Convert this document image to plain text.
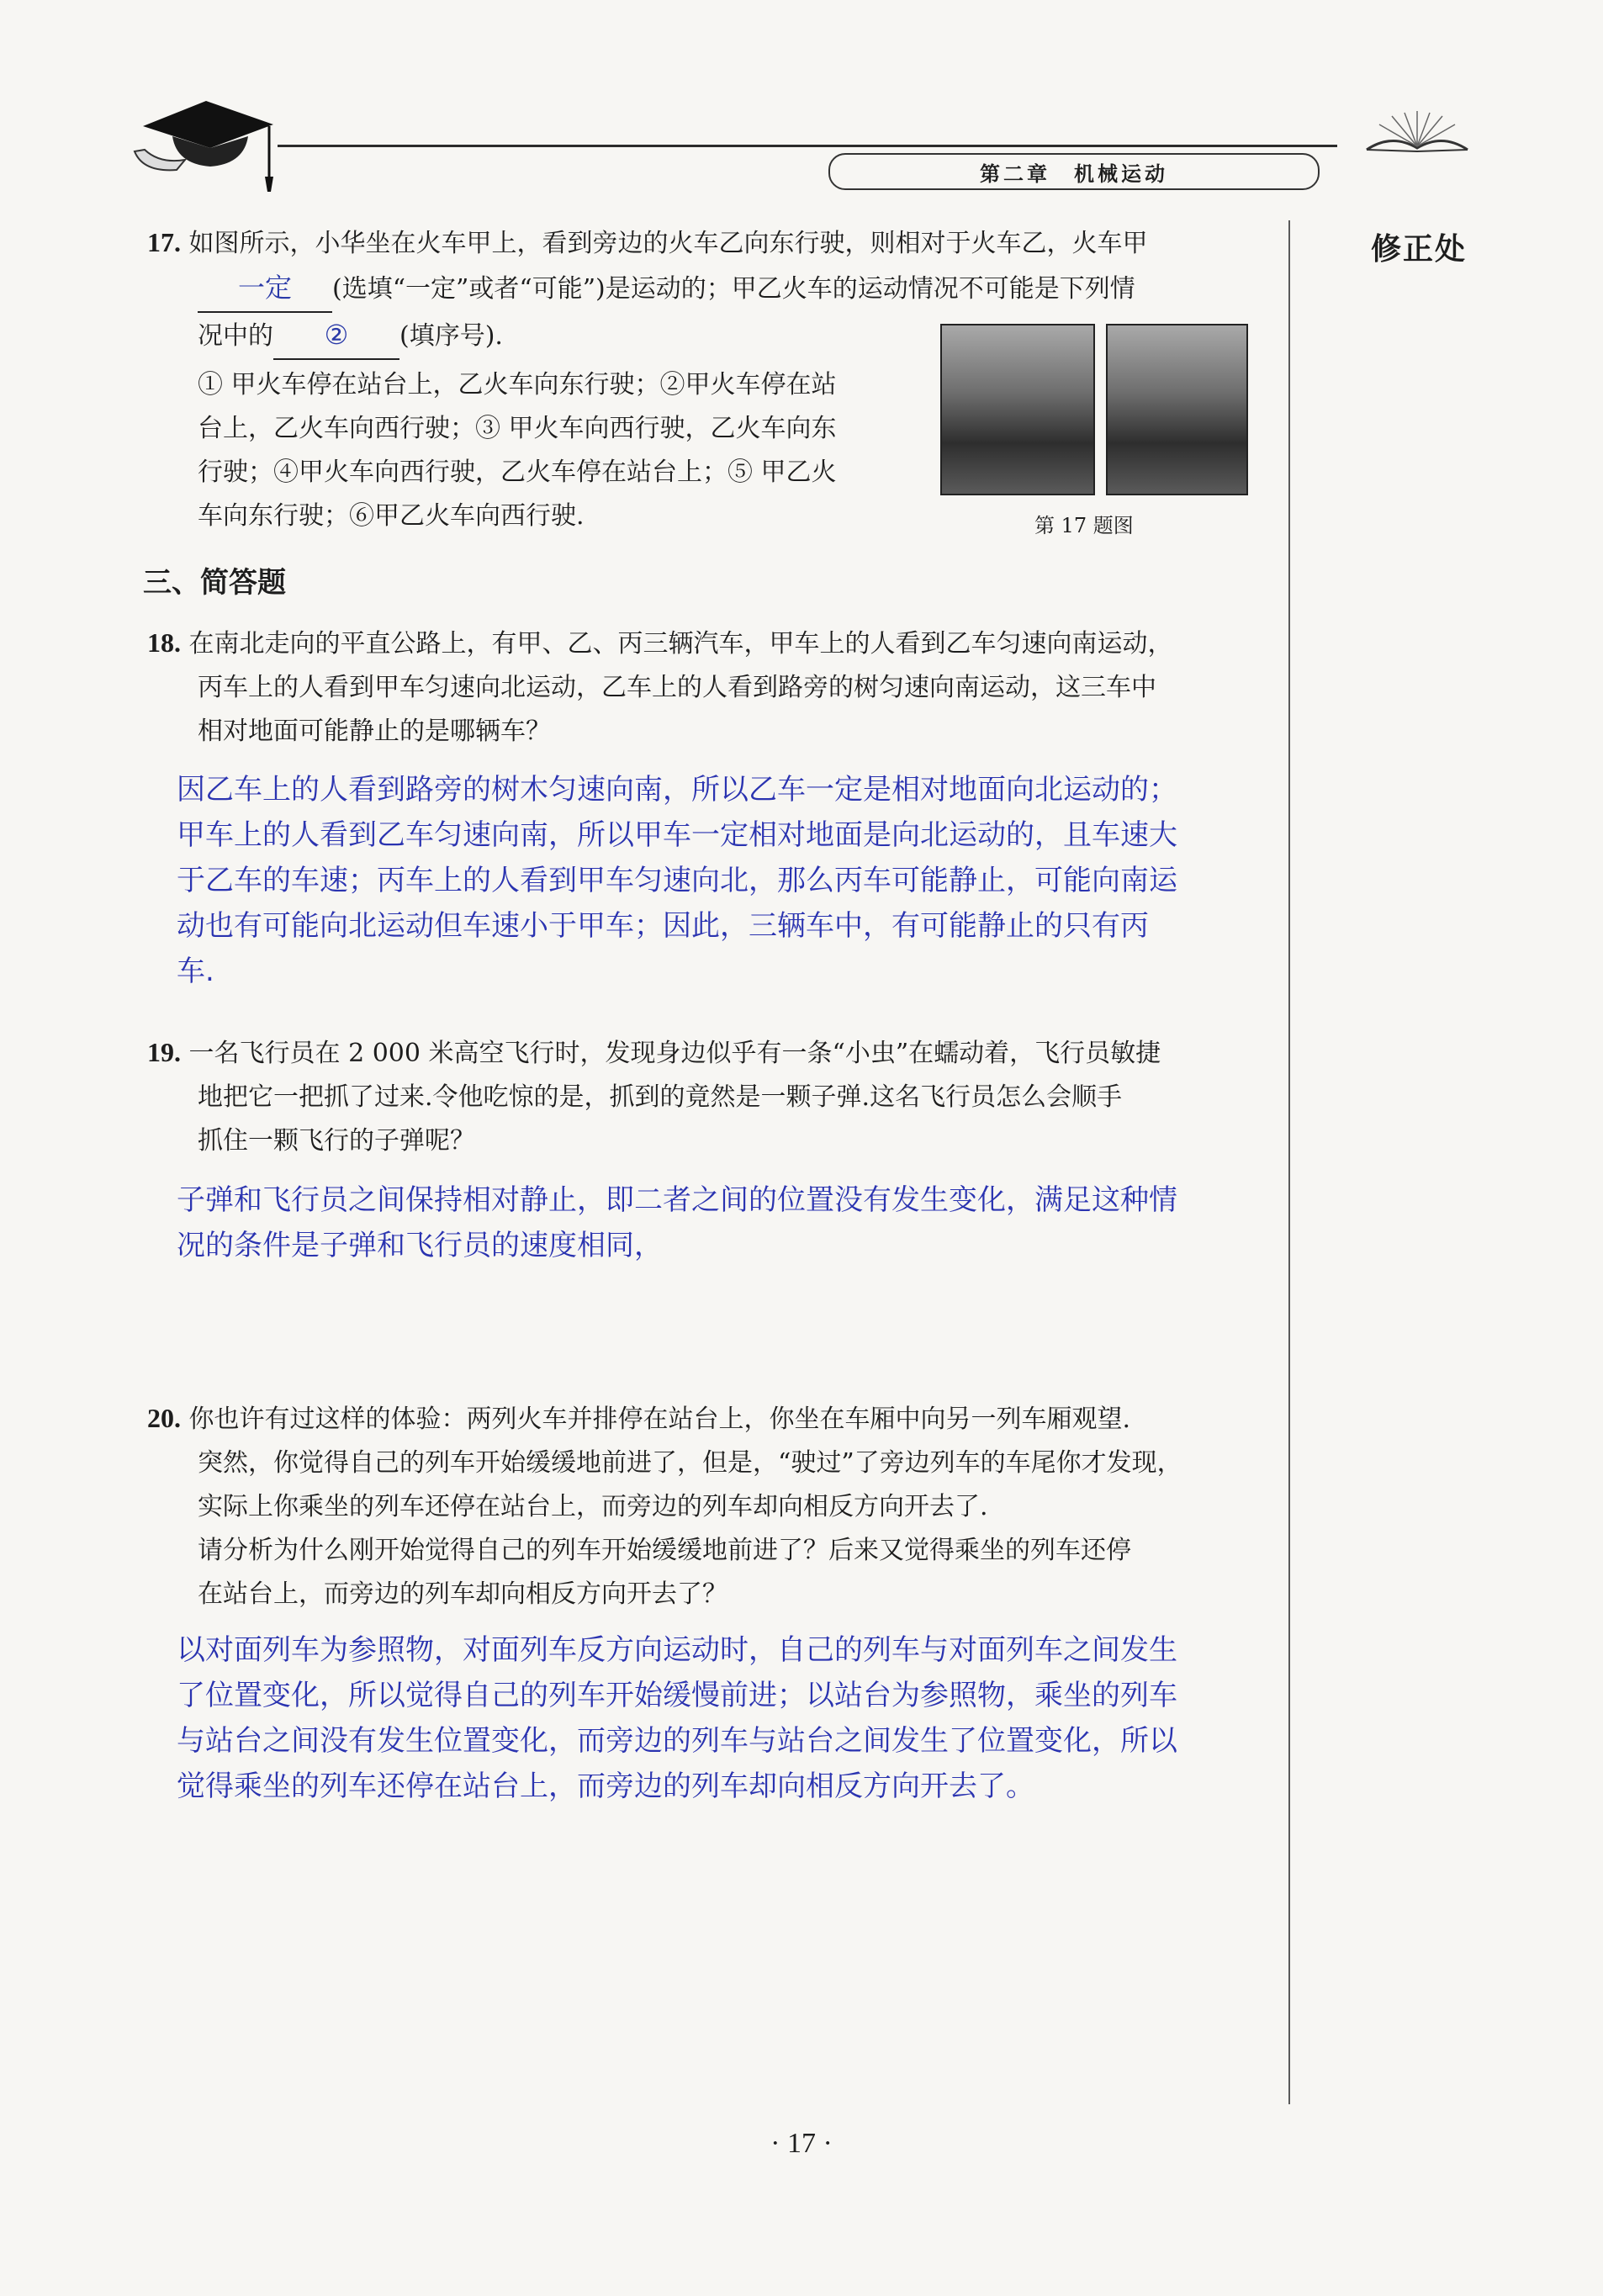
第二章　机械运动
修正处
17. 如图所示，小华坐在火车甲上，看到旁边的火车乙向东行驶，则相对于火车乙，火车甲
一定 (选填“一定”或者“可能”)是运动的；甲乙火车的运动情况不可能是下列情
况中的 ② (填序号).
① 甲火车停在站台上，乙火车向东行驶；②甲火车停在站
台上，乙火车向西行驶；③ 甲火车向西行驶，乙火车向东
行驶；④甲火车向西行驶，乙火车停在站台上；⑤ 甲乙火
车向东行驶；⑥甲乙火车向西行驶.	第 17 题图
三、简答题
18. 在南北走向的平直公路上，有甲、乙、丙三辆汽车，甲车上的人看到乙车匀速向南运动，
丙车上的人看到甲车匀速向北运动，乙车上的人看到路旁的树匀速向南运动，这三车中
相对地面可能静止的是哪辆车？
因乙车上的人看到路旁的树木匀速向南，所以乙车一定是相对地面向北运动的；
甲车上的人看到乙车匀速向南，所以甲车一定相对地面是向北运动的，且车速大
于乙车的车速；丙车上的人看到甲车匀速向北，那么丙车可能静止，可能向南运
动也有可能向北运动但车速小于甲车；因此，三辆车中，有可能静止的只有丙
车.
19. 一名飞行员在 2 000 米高空飞行时，发现身边似乎有一条“小虫”在蠕动着，飞行员敏捷
地把它一把抓了过来.令他吃惊的是，抓到的竟然是一颗子弹.这名飞行员怎么会顺手
抓住一颗飞行的子弹呢？
子弹和飞行员之间保持相对静止，即二者之间的位置没有发生变化，满足这种情
况的条件是子弹和飞行员的速度相同，
20. 你也许有过这样的体验：两列火车并排停在站台上，你坐在车厢中向另一列车厢观望.
突然，你觉得自己的列车开始缓缓地前进了，但是，“驶过”了旁边列车的车尾你才发现，
实际上你乘坐的列车还停在站台上，而旁边的列车却向相反方向开去了.
请分析为什么刚开始觉得自己的列车开始缓缓地前进了？后来又觉得乘坐的列车还停
在站台上，而旁边的列车却向相反方向开去了？
以对面列车为参照物，对面列车反方向运动时，自己的列车与对面列车之间发生
了位置变化，所以觉得自己的列车开始缓慢前进；以站台为参照物，乘坐的列车
与站台之间没有发生位置变化，而旁边的列车与站台之间发生了位置变化，所以
觉得乘坐的列车还停在站台上，而旁边的列车却向相反方向开去了。
· 17 ·
